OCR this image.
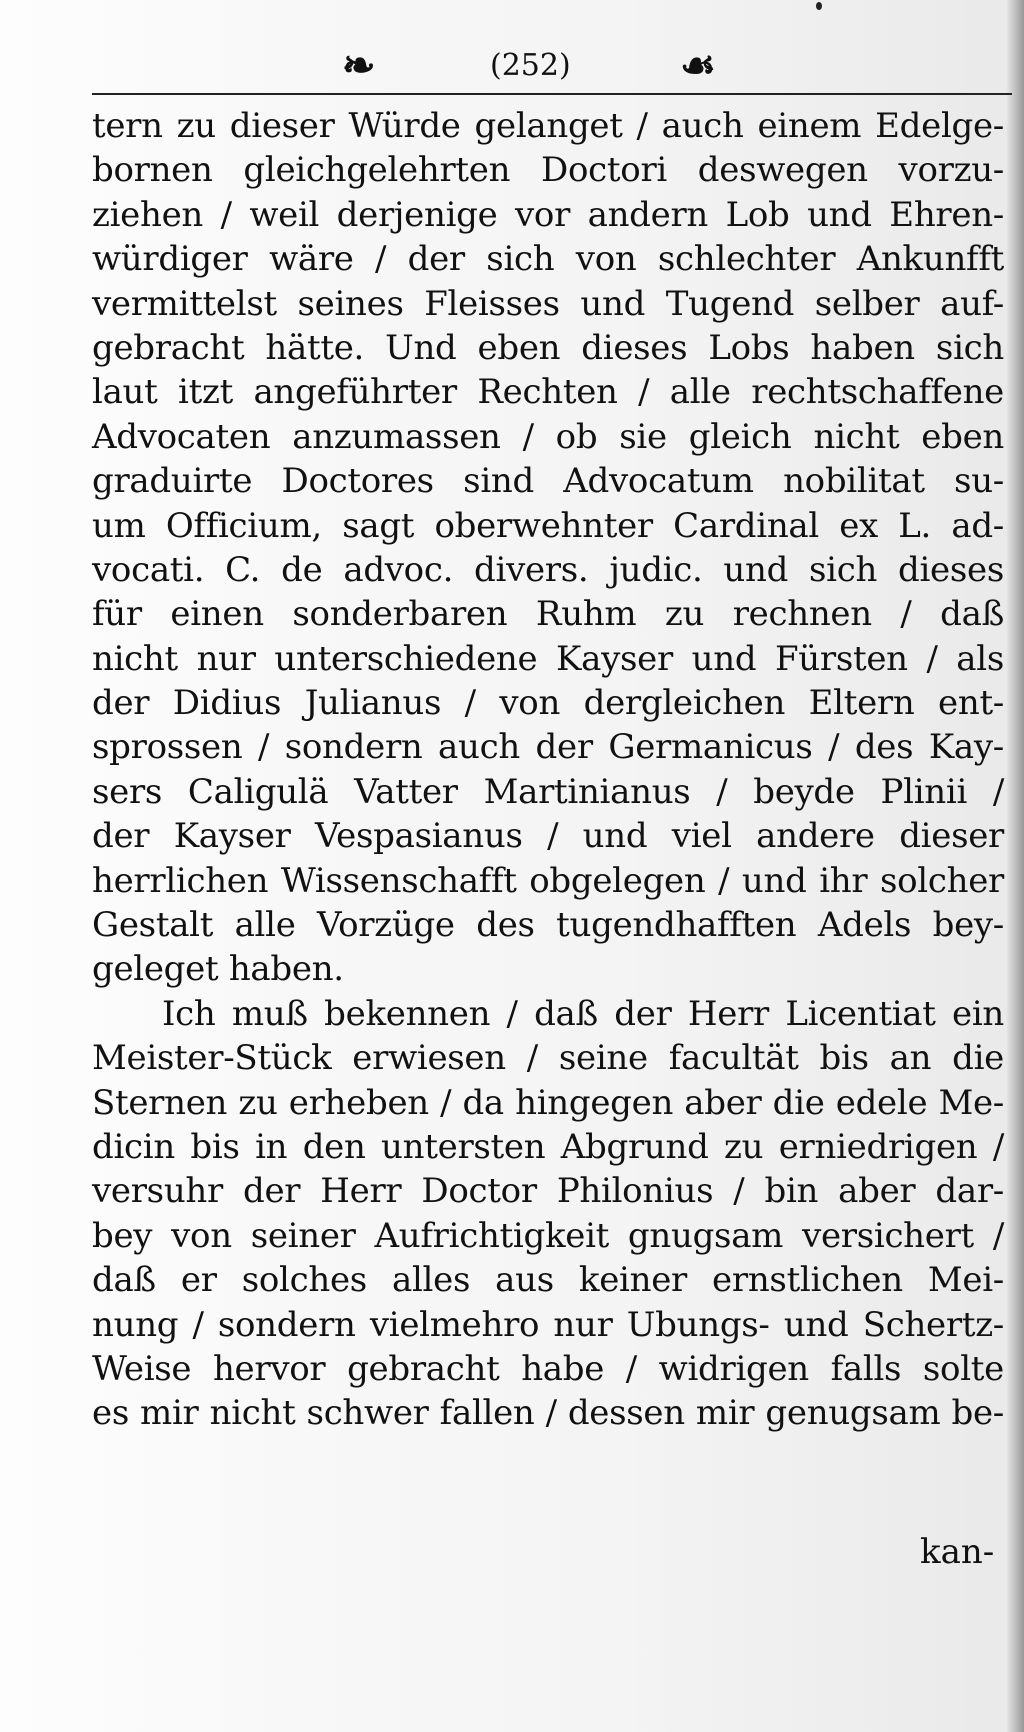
❧	(252)	☙
tern zu dieser Würde gelanget / auch einem Edelge-
bornen gleichgelehrten Doctori deswegen vorzu-
ziehen / weil derjenige vor andern Lob und Ehren-
würdiger wäre / der sich von schlechter Ankunfft
vermittelst seines Fleisses und Tugend selber auf-
gebracht hätte. Und eben dieses Lobs haben sich
laut itzt angeführter Rechten / alle rechtschaffene
Advocaten anzumassen / ob sie gleich nicht eben
graduirte Doctores sind Advocatum nobilitat su-
um Officium, sagt oberwehnter Cardinal ex L. ad-
vocati. C. de advoc. divers. judic. und sich dieses
für einen sonderbaren Ruhm zu rechnen / daß
nicht nur unterschiedene Kayser und Fürsten / als
der Didius Julianus / von dergleichen Eltern ent-
sprossen / sondern auch der Germanicus / des Kay-
sers Caligulä Vatter Martinianus / beyde Plinii /
der Kayser Vespasianus / und viel andere dieser
herrlichen Wissenschafft obgelegen / und ihr solcher
Gestalt alle Vorzüge des tugendhafften Adels bey-
geleget haben.
Ich muß bekennen / daß der Herr Licentiat ein
Meister-Stück erwiesen / seine facultät bis an die
Sternen zu erheben / da hingegen aber die edele Me-
dicin bis in den untersten Abgrund zu erniedrigen /
versuhr der Herr Doctor Philonius / bin aber dar-
bey von seiner Aufrichtigkeit gnugsam versichert /
daß er solches alles aus keiner ernstlichen Mei-
nung / sondern vielmehro nur Ubungs- und Schertz-
Weise hervor gebracht habe / widrigen falls solte
es mir nicht schwer fallen / dessen mir genugsam be-
kan-
